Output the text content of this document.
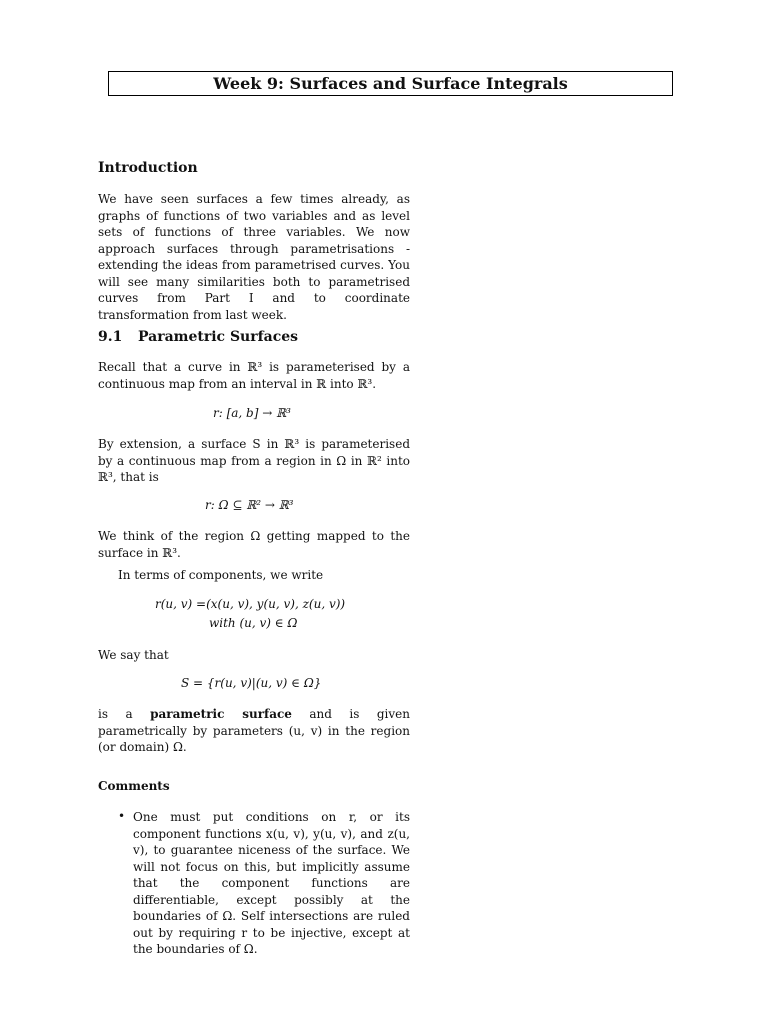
Week 9: Surfaces and Surface Integrals
Introduction

We have seen surfaces a few times already, as graphs of functions of two variables and as level sets of functions of three variables. We now approach surfaces through parametrisations - extending the ideas from parametrised curves. You will see many similarities both to parametrised curves from Part I and to coordinate transformation from last week.

9.1 Parametric Surfaces

Recall that a curve in ℝ³ is parameterised by a continuous map from an interval in ℝ into ℝ³.

r: [a, b] → ℝ³

By extension, a surface S in ℝ³ is parameterised by a continuous map from a region in Ω in ℝ² into ℝ³, that is

r: Ω ⊆ ℝ² → ℝ³

We think of the region Ω getting mapped to the surface in ℝ³.

In terms of components, we write

r(u, v) =(x(u, v), y(u, v), z(u, v))
with (u, v) ∈ Ω

We say that

S = {r(u, v)|(u, v) ∈ Ω}

is a parametric surface and is given parametrically by parameters (u, v) in the region (or domain) Ω.

Comments
• One must put conditions on r, or its component functions x(u, v), y(u, v), and z(u, v), to guarantee niceness of the surface. We will not focus on this, but implicitly assume that the component functions are differentiable, except possibly at the boundaries of Ω. Self intersections are ruled out by requiring r to be injective, except at the boundaries of Ω.
